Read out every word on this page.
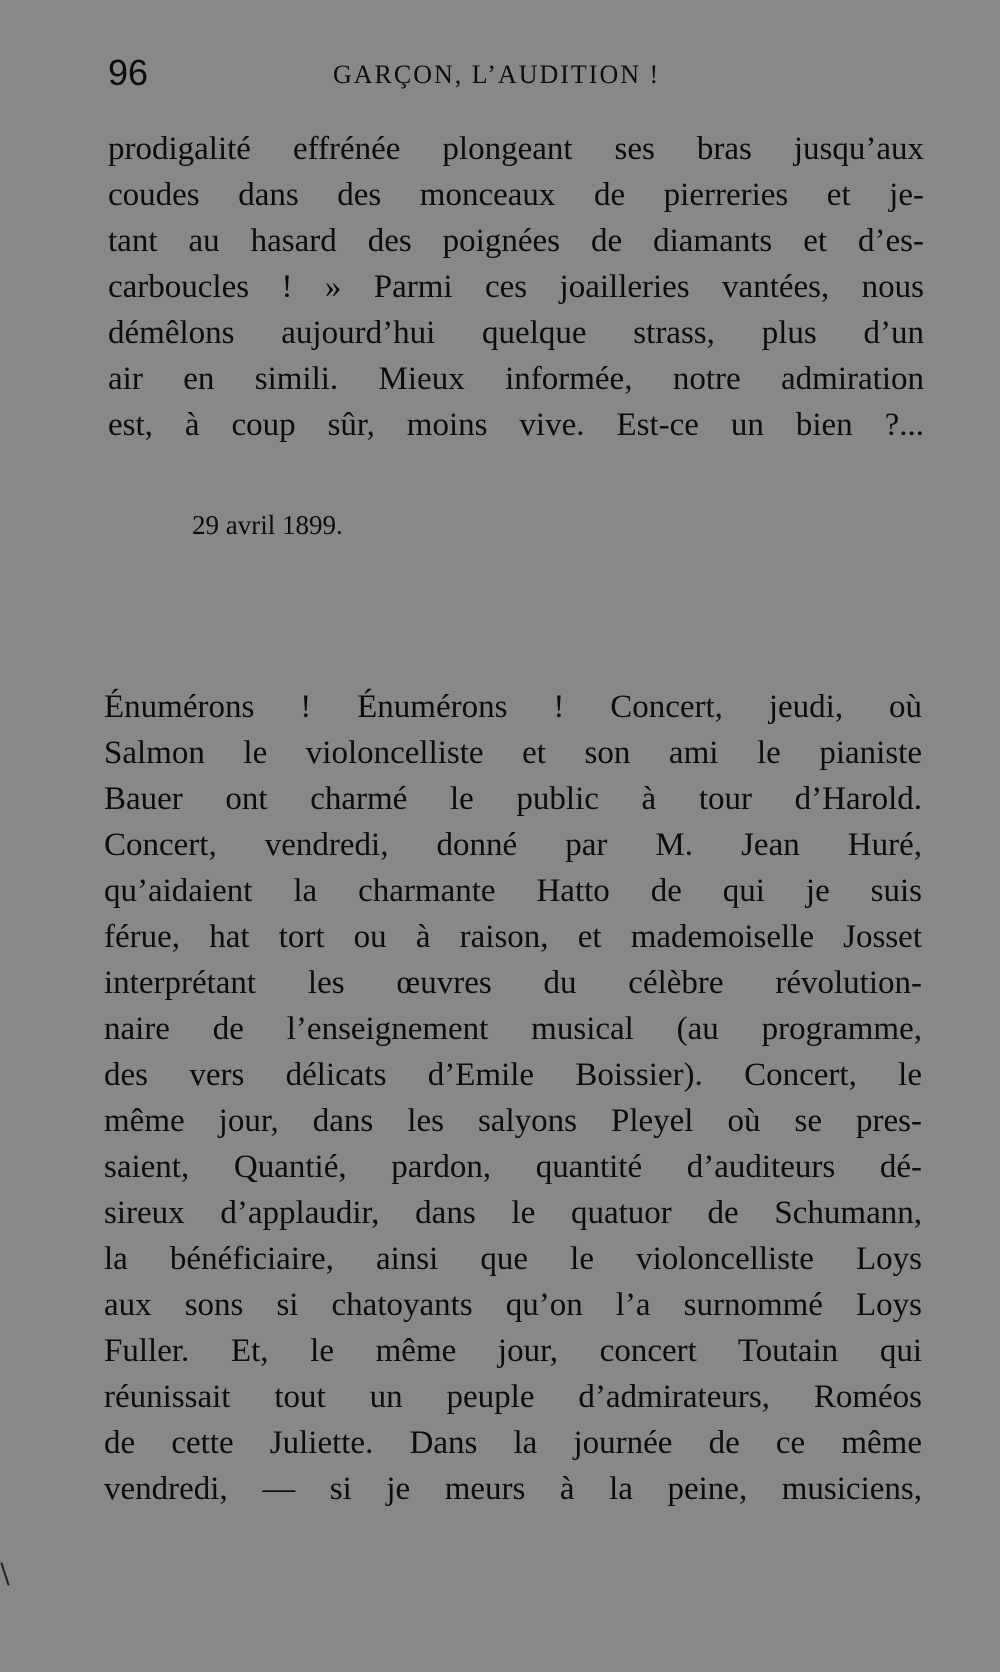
96	GARÇON, L’AUDITION !

prodigalité effrénée plongeant ses bras jusqu’aux
coudes dans des monceaux de pierreries et je-
tant au hasard des poignées de diamants et d’es-
carboucles ! » Parmi ces joailleries vantées, nous
démêlons aujourd’hui quelque strass, plus d’un
air en simili. Mieux informée, notre admiration
est, à coup sûr, moins vive. Est-ce un bien ?...

29 avril 1899.

Énumérons ! Énumérons ! Concert, jeudi, où
Salmon le violoncelliste et son ami le pianiste
Bauer ont charmé le public à tour d’Harold.
Concert, vendredi, donné par M. Jean Huré,
qu’aidaient la charmante Hatto de qui je suis
férue, hat tort ou à raison, et mademoiselle Josset
interprétant les œuvres du célèbre révolution-
naire de l’enseignement musical (au programme,
des vers délicats d’Emile Boissier). Concert, le
même jour, dans les salyons Pleyel où se pres-
saient, Quantié, pardon, quantité d’auditeurs dé-
sireux d’applaudir, dans le quatuor de Schumann,
la bénéficiaire, ainsi que le violoncelliste Loys
aux sons si chatoyants qu’on l’a surnommé Loys
Fuller. Et, le même jour, concert Toutain qui
réunissait tout un peuple d’admirateurs, Roméos
de cette Juliette. Dans la journée de ce même
vendredi, — si je meurs à la peine, musiciens,
